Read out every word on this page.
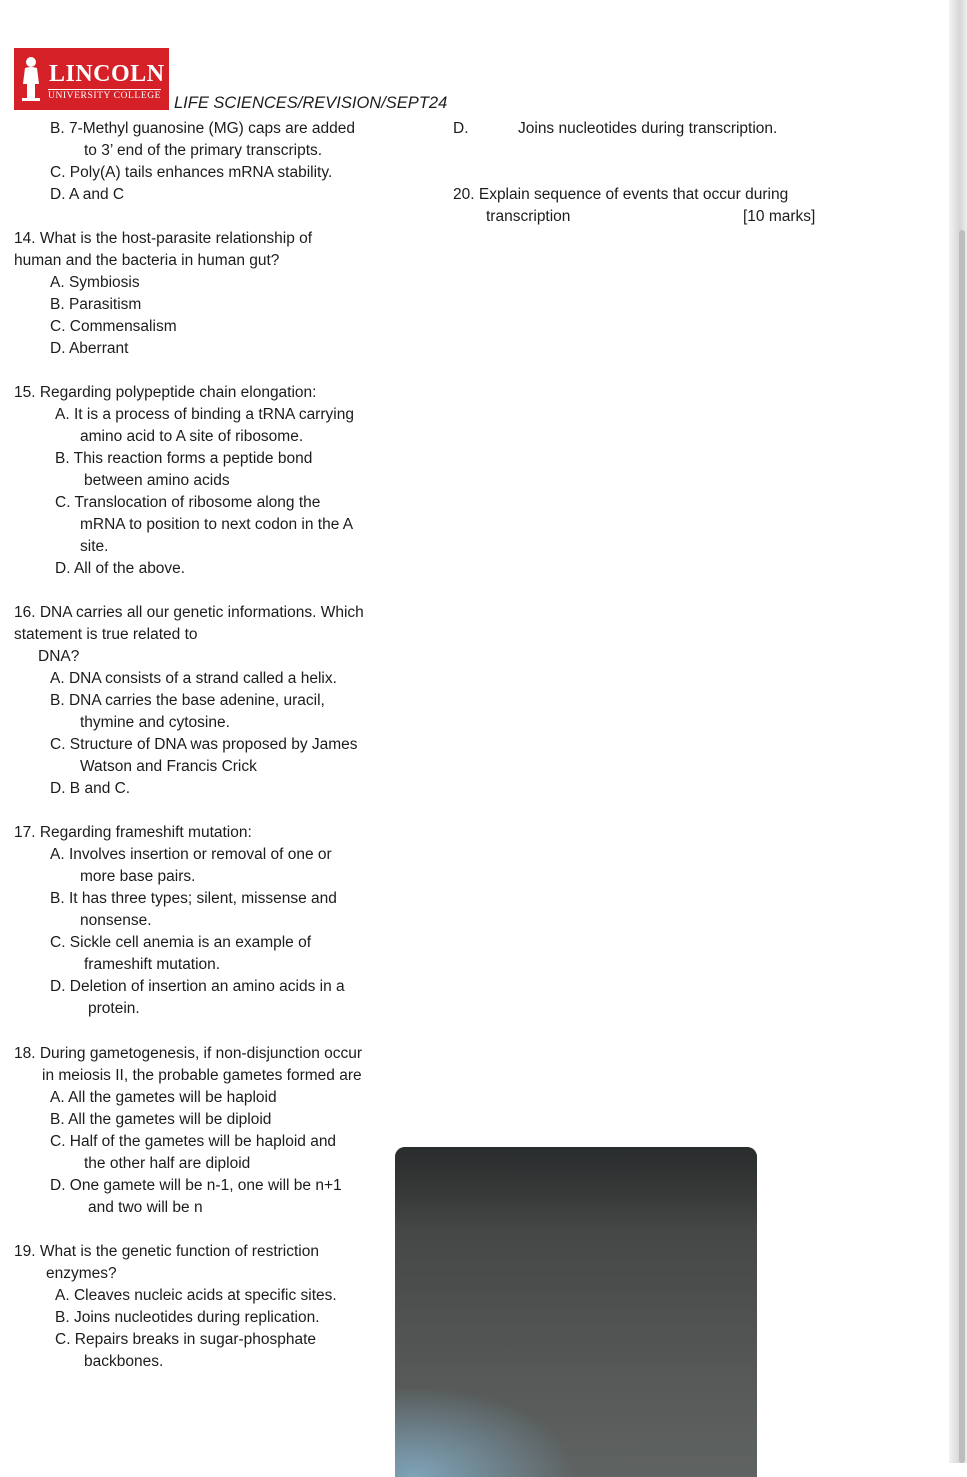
LINCOLN
UNIVERSITY COLLEGE LIFE SCIENCES/REVISION/SEPT24
B. 7-Methyl guanosine (MG) caps are added
to 3’ end of the primary transcripts.
C. Poly(A) tails enhances mRNA stability.
D. A and C
14. What is the host-parasite relationship of
human and the bacteria in human gut?
A. Symbiosis
B. Parasitism
C. Commensalism
D. Aberrant
15. Regarding polypeptide chain elongation:
A. It is a process of binding a tRNA carrying
amino acid to A site of ribosome.
B. This reaction forms a peptide bond
between amino acids
C. Translocation of ribosome along the
mRNA to position to next codon in the A
site.
D. All of the above.
16. DNA carries all our genetic informations. Which
statement is true related to
DNA?
A. DNA consists of a strand called a helix.
B. DNA carries the base adenine, uracil,
thymine and cytosine.
C. Structure of DNA was proposed by James
Watson and Francis Crick
D. B and C.
17. Regarding frameshift mutation:
A. Involves insertion or removal of one or
more base pairs.
B. It has three types; silent, missense and
nonsense.
C. Sickle cell anemia is an example of
frameshift mutation.
D. Deletion of insertion an amino acids in a
protein.
18. During gametogenesis, if non-disjunction occur
in meiosis II, the probable gametes formed are
A. All the gametes will be haploid
B. All the gametes will be diploid
C. Half of the gametes will be haploid and
the other half are diploid
D. One gamete will be n-1, one will be n+1
and two will be n
19. What is the genetic function of restriction
enzymes?
A. Cleaves nucleic acids at specific sites.
B. Joins nucleotides during replication.
C. Repairs breaks in sugar-phosphate
backbones.
D.	Joins nucleotides during transcription.
20. Explain sequence of events that occur during
transcription	[10 marks]
